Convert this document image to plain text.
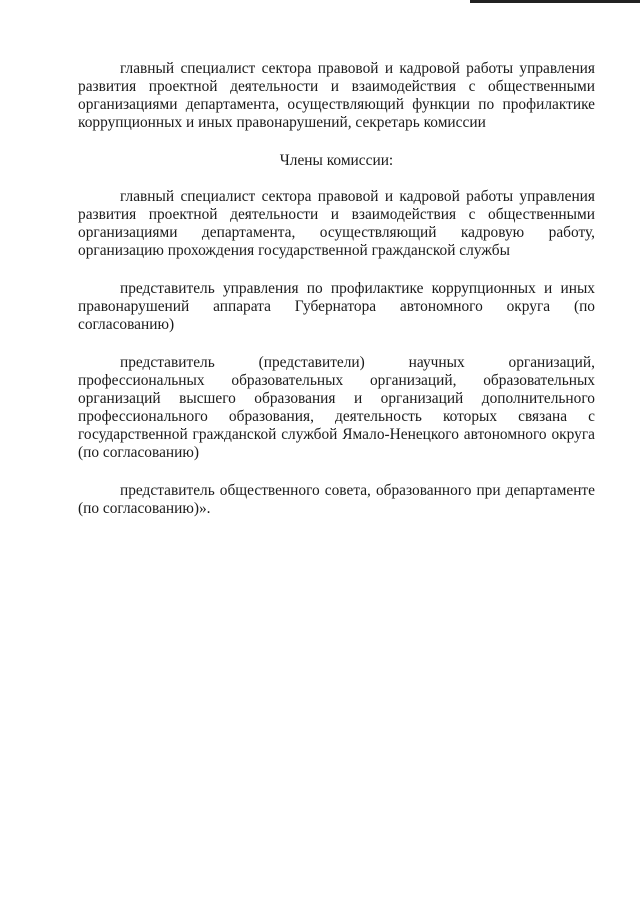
главный специалист сектора правовой и кадровой работы управления развития проектной деятельности и взаимодействия с общественными организациями департамента, осуществляющий функции по профилактике коррупционных и иных правонарушений, секретарь комиссии

Члены комиссии:

главный специалист сектора правовой и кадровой работы управления развития проектной деятельности и взаимодействия с общественными организациями департамента, осуществляющий кадровую работу, организацию прохождения государственной гражданской службы

представитель управления по профилактике коррупционных и иных правонарушений аппарата Губернатора автономного округа (по согласованию)

представитель (представители) научных организаций, профессиональных образовательных организаций, образовательных организаций высшего образования и организаций дополнительного профессионального образования, деятельность которых связана с государственной гражданской службой Ямало-Ненецкого автономного округа (по согласованию)

представитель общественного совета, образованного при департаменте (по согласованию)».
